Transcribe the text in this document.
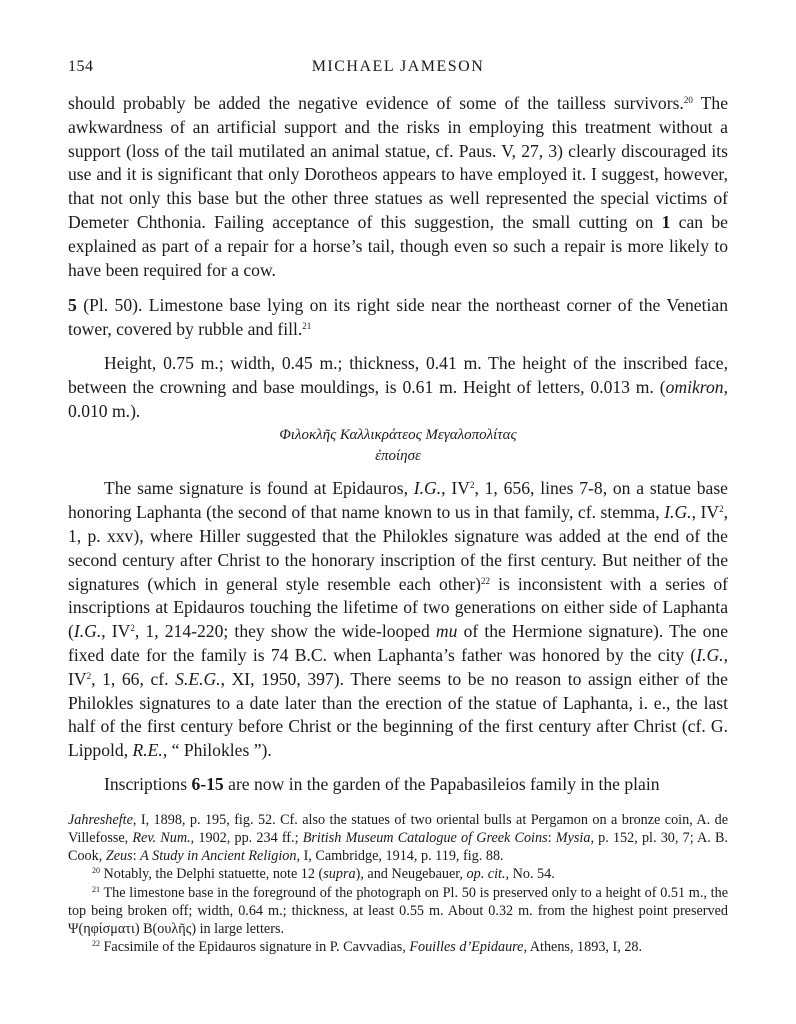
154	MICHAEL JAMESON

should probably be added the negative evidence of some of the tailless survivors.$^{20}$ The awkwardness of an artificial support and the risks in employing this treatment without a support (loss of the tail mutilated an animal statue, cf. Paus. V, 27, 3) clearly discouraged its use and it is significant that only Dorotheos appears to have employed it. I suggest, however, that not only this base but the other three statues as well represented the special victims of Demeter Chthonia. Failing acceptance of this suggestion, the small cutting on 1 can be explained as part of a repair for a horse’s tail, though even so such a repair is more likely to have been required for a cow.

5 (Pl. 50). Limestone base lying on its right side near the northeast corner of the Venetian tower, covered by rubble and fill.$^{21}$

Height, 0.75 m.; width, 0.45 m.; thickness, 0.41 m. The height of the inscribed face, between the crowning and base mouldings, is 0.61 m. Height of letters, 0.013 m. (omikron, 0.010 m.).

Φιλοκλῆς Καλλικράτεος Μεγαλοπολίτας
ἐποίησε

The same signature is found at Epidauros, I.G., $IV^2$, 1, 656, lines 7-8, on a statue base honoring Laphanta (the second of that name known to us in that family, cf. stemma, I.G., $IV^2$, 1, p. xxv), where Hiller suggested that the Philokles signature was added at the end of the second century after Christ to the honorary inscription of the first century. But neither of the signatures (which in general style resemble each other)$^{22}$ is inconsistent with a series of inscriptions at Epidauros touching the lifetime of two generations on either side of Laphanta (I.G., $IV^2$, 1, 214-220; they show the wide-looped mu of the Hermione signature). The one fixed date for the family is 74 B.C. when Laphanta’s father was honored by the city (I.G., $IV^2$, 1, 66, cf. S.E.G., XI, 1950, 397). There seems to be no reason to assign either of the Philokles signatures to a date later than the erection of the statue of Laphanta, i. e., the last half of the first century before Christ or the beginning of the first century after Christ (cf. G. Lippold, R.E., “ Philokles ”).

Inscriptions 6-15 are now in the garden of the Papabasileios family in the plain

Jahreshefte, I, 1898, p. 195, fig. 52. Cf. also the statues of two oriental bulls at Pergamon on a bronze coin, A. de Villefosse, Rev. Num., 1902, pp. 234 ff.; British Museum Catalogue of Greek Coins: Mysia, p. 152, pl. 30, 7; A. B. Cook, Zeus: A Study in Ancient Religion, I, Cambridge, 1914, p. 119, fig. 88.

$^{20}$ Notably, the Delphi statuette, note 12 (supra), and Neugebauer, op. cit., No. 54.

$^{21}$ The limestone base in the foreground of the photograph on Pl. 50 is preserved only to a height of 0.51 m., the top being broken off; width, 0.64 m.; thickness, at least 0.55 m. About 0.32 m. from the highest point preserved Ψ(ηφίσματι) Β(ουλῆς) in large letters.

$^{22}$ Facsimile of the Epidauros signature in P. Cavvadias, Fouilles d’Epidaure, Athens, 1893, I, 28.
